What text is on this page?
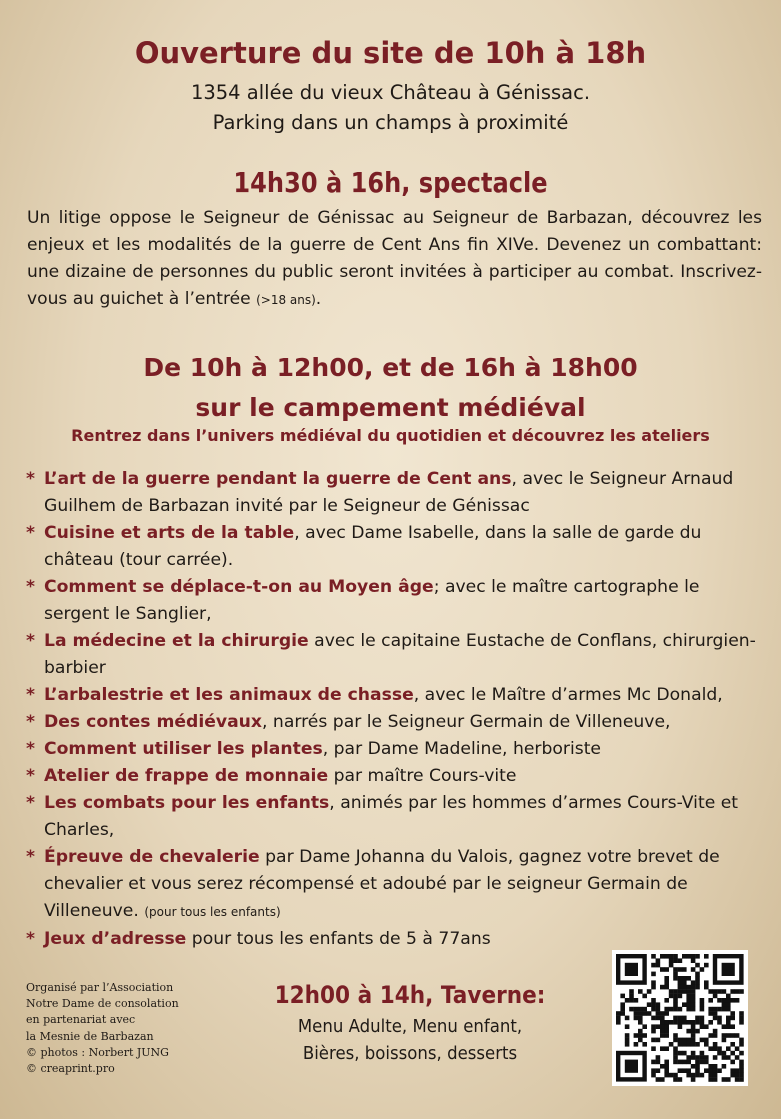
Ouverture du site de 10h à 18h
1354 allée du vieux Château à Génissac.
Parking dans un champs à proximité
14h30 à 16h, spectacle
Un litige oppose le Seigneur de Génissac au Seigneur de Barbazan, découvrez les enjeux et les modalités de la guerre de Cent Ans fin XIVe. Devenez un combattant: une dizaine de personnes du public seront invitées à participer au combat. Inscrivez-vous au guichet à l’entrée (>18 ans).
De 10h à 12h00, et de 16h à 18h00
sur le campement médiéval
Rentrez dans l’univers médiéval du quotidien et découvrez les ateliers
* L’art de la guerre pendant la guerre de Cent ans, avec le Seigneur Arnaud Guilhem de Barbazan invité par le Seigneur de Génissac
* Cuisine et arts de la table, avec Dame Isabelle, dans la salle de garde du château (tour carrée).
* Comment se déplace-t-on au Moyen âge; avec le maître cartographe le sergent le Sanglier,
* La médecine et la chirurgie avec le capitaine Eustache de Conflans, chirurgien-barbier
* L’arbalestrie et les animaux de chasse, avec le Maître d’armes Mc Donald,
* Des contes médiévaux, narrés par le Seigneur Germain de Villeneuve,
* Comment utiliser les plantes, par Dame Madeline, herboriste
* Atelier de frappe de monnaie par maître Cours-vite
* Les combats pour les enfants, animés par les hommes d’armes Cours-Vite et Charles,
* Épreuve de chevalerie par Dame Johanna du Valois, gagnez votre brevet de chevalier et vous serez récompensé et adoubé par le seigneur Germain de Villeneuve. (pour tous les enfants)
* Jeux d’adresse pour tous les enfants de 5 à 77ans
Organisé par l’Association
Notre Dame de consolation
en partenariat avec
la Mesnie de Barbazan
© photos : Norbert JUNG
© creaprint.pro
12h00 à 14h, Taverne:
Menu Adulte, Menu enfant,
Bières, boissons, desserts
